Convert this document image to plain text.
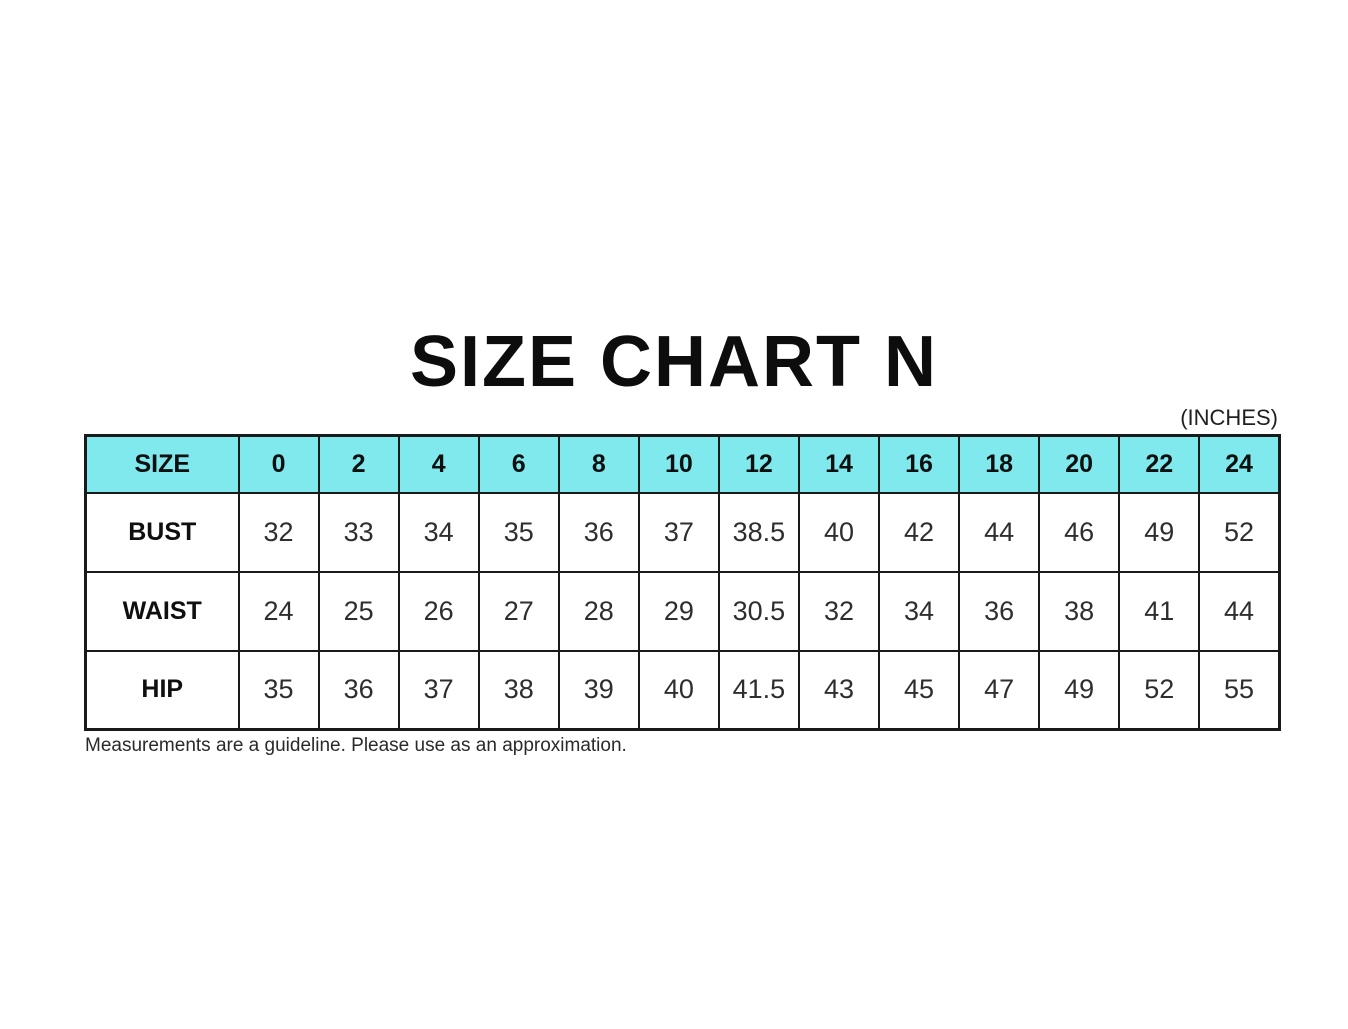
SIZE CHART N
(INCHES)
SIZE	0	2	4	6	8	10	12	14	16	18	20	22	24
BUST	32	33	34	35	36	37	38.5	40	42	44	46	49	52
WAIST	24	25	26	27	28	29	30.5	32	34	36	38	41	44
HIP	35	36	37	38	39	40	41.5	43	45	47	49	52	55
Measurements are a guideline. Please use as an approximation.
